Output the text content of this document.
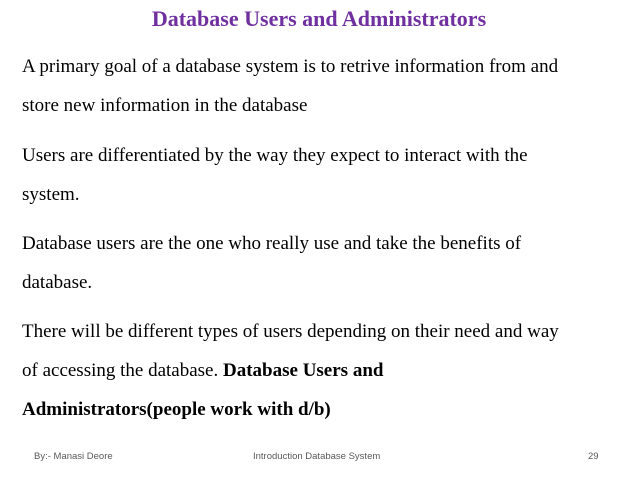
Database Users and Administrators

A primary goal of a database system is to retrive information from and
store new information in the database

Users are differentiated by the way they expect to interact with the
system.

Database users are the one who really use and take the benefits of
database.

There will be different types of users depending on their need and way
of accessing the database. Database Users and
Administrators(people work with d/b)

By:- Manasi Deore	Introduction Database System	29
